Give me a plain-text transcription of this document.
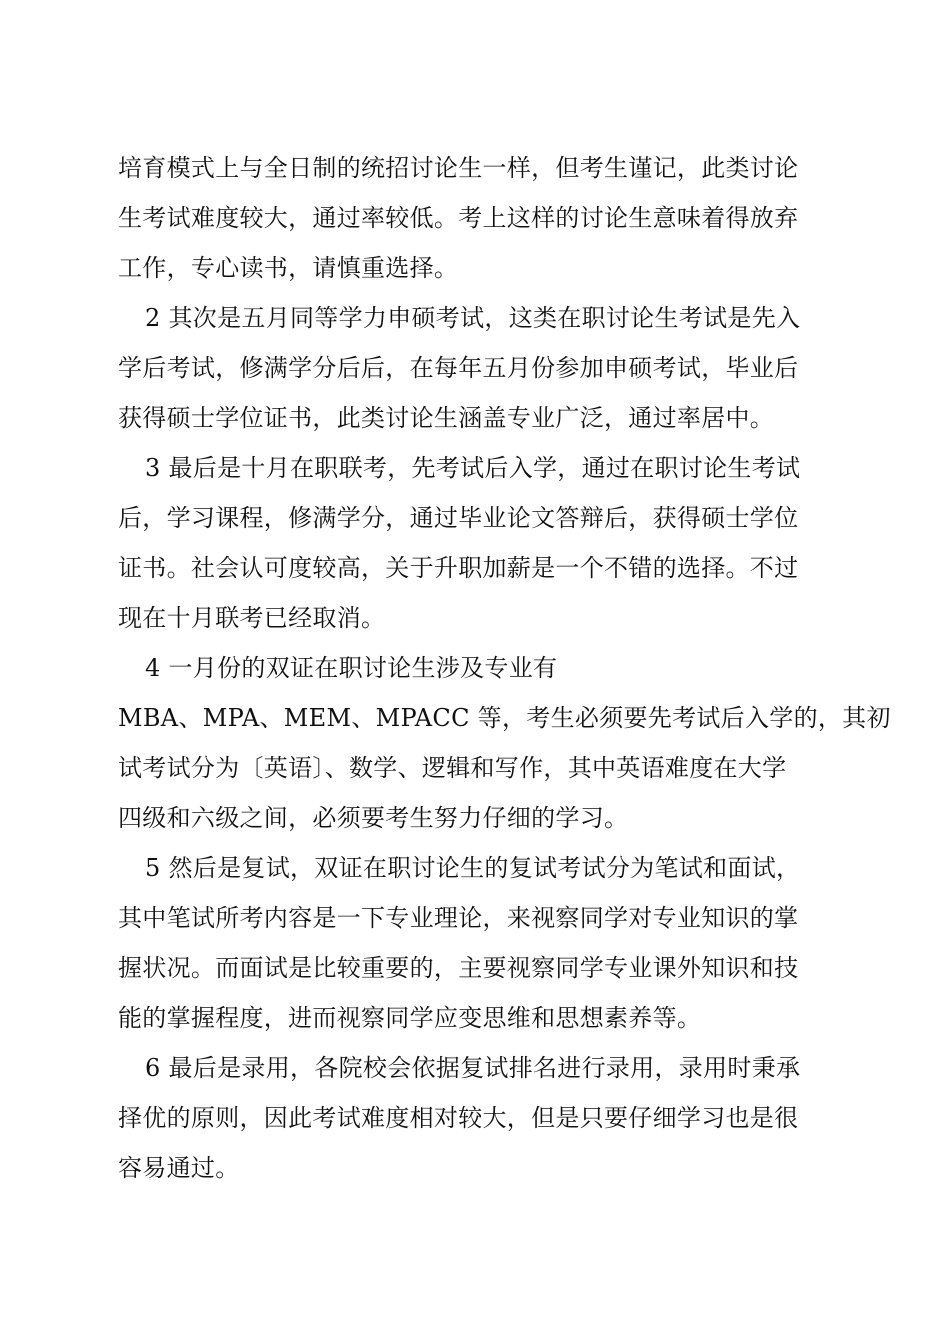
培育模式上与全日制的统招讨论生一样，但考生谨记，此类讨论
生考试难度较大，通过率较低。考上这样的讨论生意味着得放弃
工作，专心读书，请慎重选择。
2 其次是五月同等学力申硕考试，这类在职讨论生考试是先入
学后考试，修满学分后后，在每年五月份参加申硕考试，毕业后
获得硕士学位证书，此类讨论生涵盖专业广泛，通过率居中。
3 最后是十月在职联考，先考试后入学，通过在职讨论生考试
后，学习课程，修满学分，通过毕业论文答辩后，获得硕士学位
证书。社会认可度较高，关于升职加薪是一个不错的选择。不过
现在十月联考已经取消。
4 一月份的双证在职讨论生涉及专业有
MBA、MPA、MEM、MPACC 等，考生必须要先考试后入学的，其初
试考试分为〔英语〕、数学、逻辑和写作，其中英语难度在大学
四级和六级之间，必须要考生努力仔细的学习。
5 然后是复试，双证在职讨论生的复试考试分为笔试和面试，
其中笔试所考内容是一下专业理论，来视察同学对专业知识的掌
握状况。而面试是比较重要的，主要视察同学专业课外知识和技
能的掌握程度，进而视察同学应变思维和思想素养等。
6 最后是录用，各院校会依据复试排名进行录用，录用时秉承
择优的原则，因此考试难度相对较大，但是只要仔细学习也是很
容易通过。
